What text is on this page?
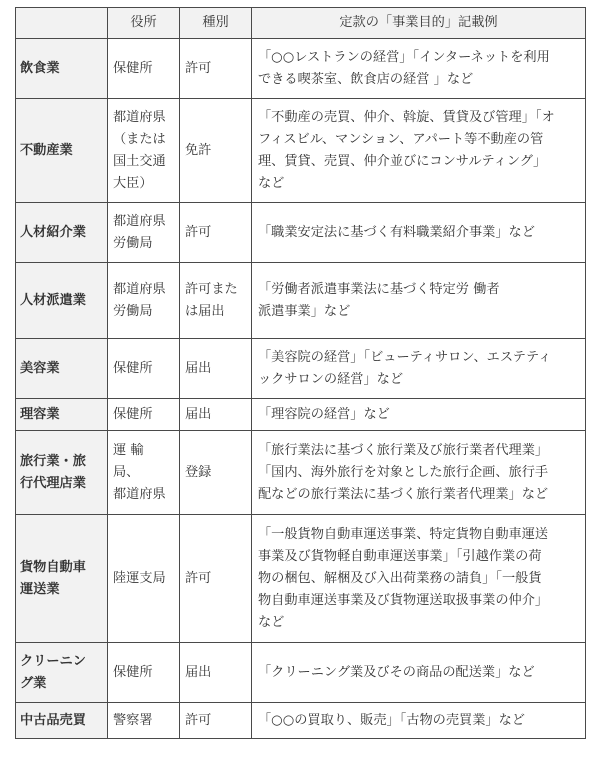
	役所	種別	定款の「事業目的」記載例
飲食業	保健所	許可	「○○レストランの経営」「インターネットを利用
できる喫茶室、飲食店の経営 」など
不動産業	都道府県
（または
国土交通
大臣）	免許	「不動産の売買、仲介、斡旋、賃貸及び管理」「オ
フィスビル、マンション、アパート等不動産の管
理、賃貸、売買、仲介並びにコンサルティング」
など
人材紹介業	都道府県
労働局	許可	「職業安定法に基づく有料職業紹介事業」など
人材派遣業	都道府県
労働局	許可また
は届出	「労働者派遣事業法に基づく特定労 働者
派遣事業」など
美容業	保健所	届出	「美容院の経営」「ビューティサロン、エステティ
ックサロンの経営」など
理容業	保健所	届出	「理容院の経営」など
旅行業・旅
行代理店業	運 輸 局、
都道府県	登録	「旅行業法に基づく旅行業及び旅行業者代理業」
「国内、海外旅行を対象とした旅行企画、旅行手
配などの旅行業法に基づく旅行業者代理業」など
貨物自動車
運送業	陸運支局	許可	「一般貨物自動車運送事業、特定貨物自動車運送
事業及び貨物軽自動車運送事業」「引越作業の荷
物の梱包、解梱及び入出荷業務の請負」「一般貨
物自動車運送事業及び貨物運送取扱事業の仲介」
など
クリーニン
グ業	保健所	届出	「クリーニング業及びその商品の配送業」など
中古品売買	警察署	許可	「○○の買取り、販売」「古物の売買業」など
